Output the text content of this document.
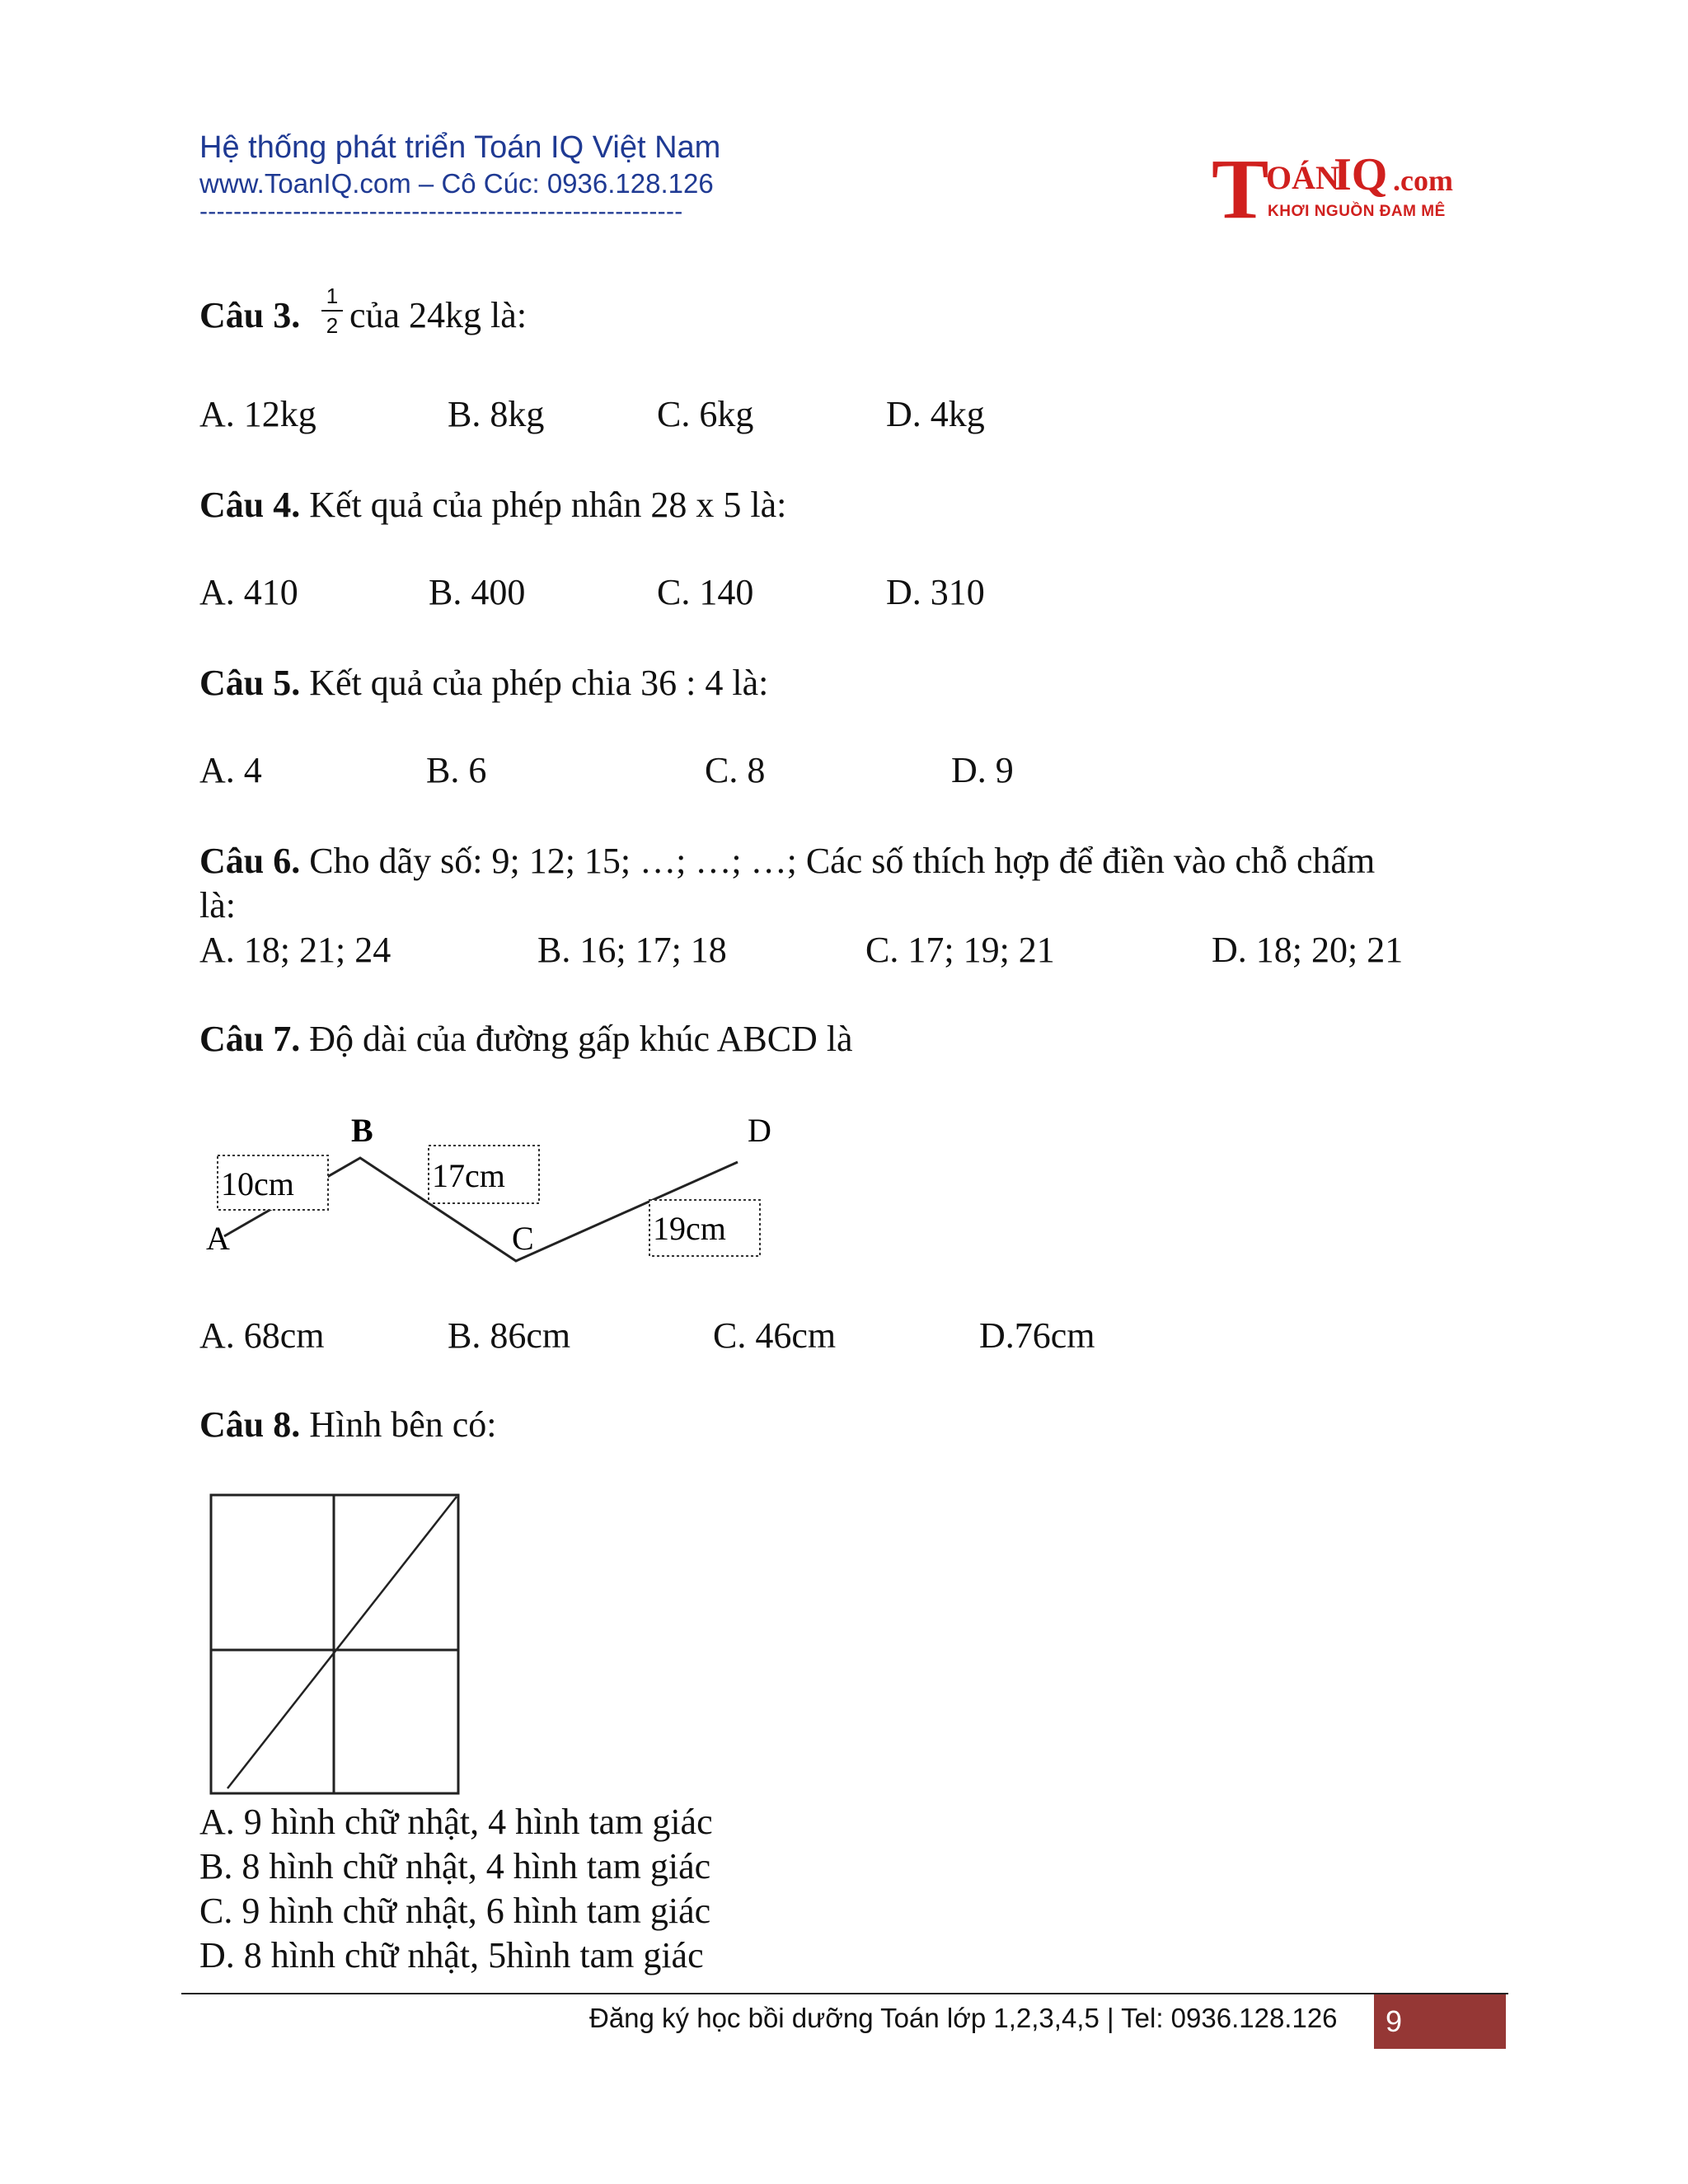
Hệ thống phát triển Toán IQ Việt Nam
www.ToanIQ.com – Cô Cúc: 0936.128.126
---------------------------------------------------------	T
OÁN
IQ .com
KHƠI NGUỒN ĐAM MÊ
Câu 3. 1
2 của 24kg là:
A. 12kg	B. 8kg	C. 6kg	D. 4kg
Câu 4. Kết quả của phép nhân 28 x 5 là:
A. 410	B. 400	C. 140	D. 310
Câu 5. Kết quả của phép chia 36 : 4 là:
A. 4	B. 6	C. 8	D. 9
Câu 6. Cho dãy số: 9; 12; 15; …; …; …; Các số thích hợp để điền vào chỗ chấm
là:
A. 18; 21; 24	B. 16; 17; 18	C. 17; 19; 21	D. 18; 20; 21
Câu 7. Độ dài của đường gấp khúc ABCD là
A
B
C
D
10cm	17cm
19cm
A. 68cm	B. 86cm	C. 46cm	D.76cm
Câu 8. Hình bên có:
A. 9 hình chữ nhật, 4 hình tam giác
B. 8 hình chữ nhật, 4 hình tam giác
C. 9 hình chữ nhật, 6 hình tam giác
D. 8 hình chữ nhật, 5hình tam giác
Đăng ký học bồi dưỡng Toán lớp 1,2,3,4,5 | Tel: 0936.128.126	9
